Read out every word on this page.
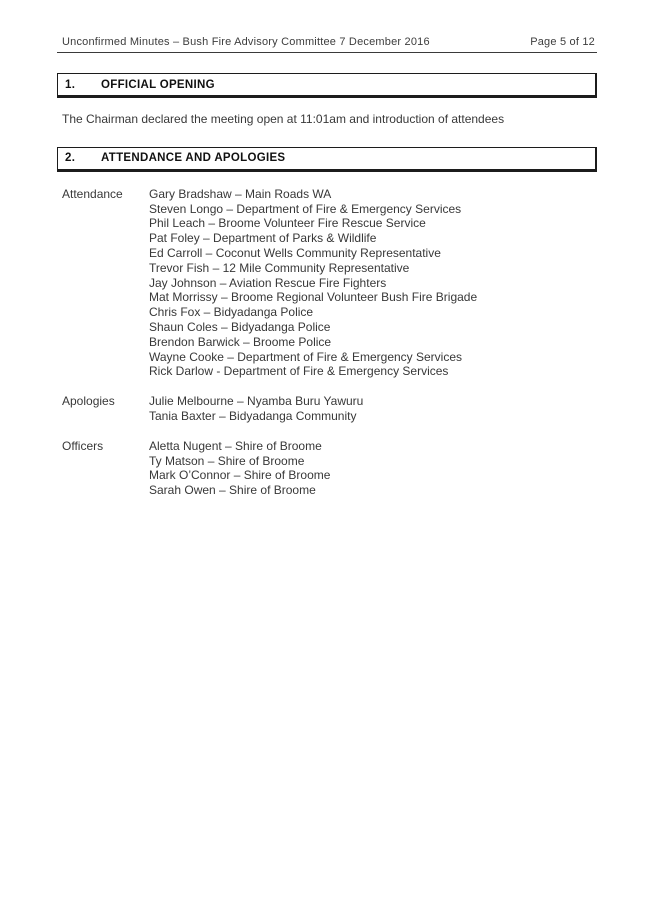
Unconfirmed Minutes – Bush Fire Advisory Committee 7 December 2016	Page 5 of 12
1.	OFFICIAL OPENING
The Chairman declared the meeting open at 11:01am and introduction of attendees
2.	ATTENDANCE AND APOLOGIES
Attendance	Gary Bradshaw – Main Roads WA
Steven Longo – Department of Fire & Emergency Services
Phil Leach – Broome Volunteer Fire Rescue Service
Pat Foley – Department of Parks & Wildlife
Ed Carroll – Coconut Wells Community Representative
Trevor Fish – 12 Mile Community Representative
Jay Johnson – Aviation Rescue Fire Fighters
Mat Morrissy – Broome Regional Volunteer Bush Fire Brigade
Chris Fox – Bidyadanga Police
Shaun Coles – Bidyadanga Police
Brendon Barwick – Broome Police
Wayne Cooke – Department of Fire & Emergency Services
Rick Darlow - Department of Fire & Emergency Services
Apologies	Julie Melbourne – Nyamba Buru Yawuru
Tania Baxter – Bidyadanga Community
Officers	Aletta Nugent – Shire of Broome
Ty Matson – Shire of Broome
Mark O’Connor – Shire of Broome
Sarah Owen – Shire of Broome
